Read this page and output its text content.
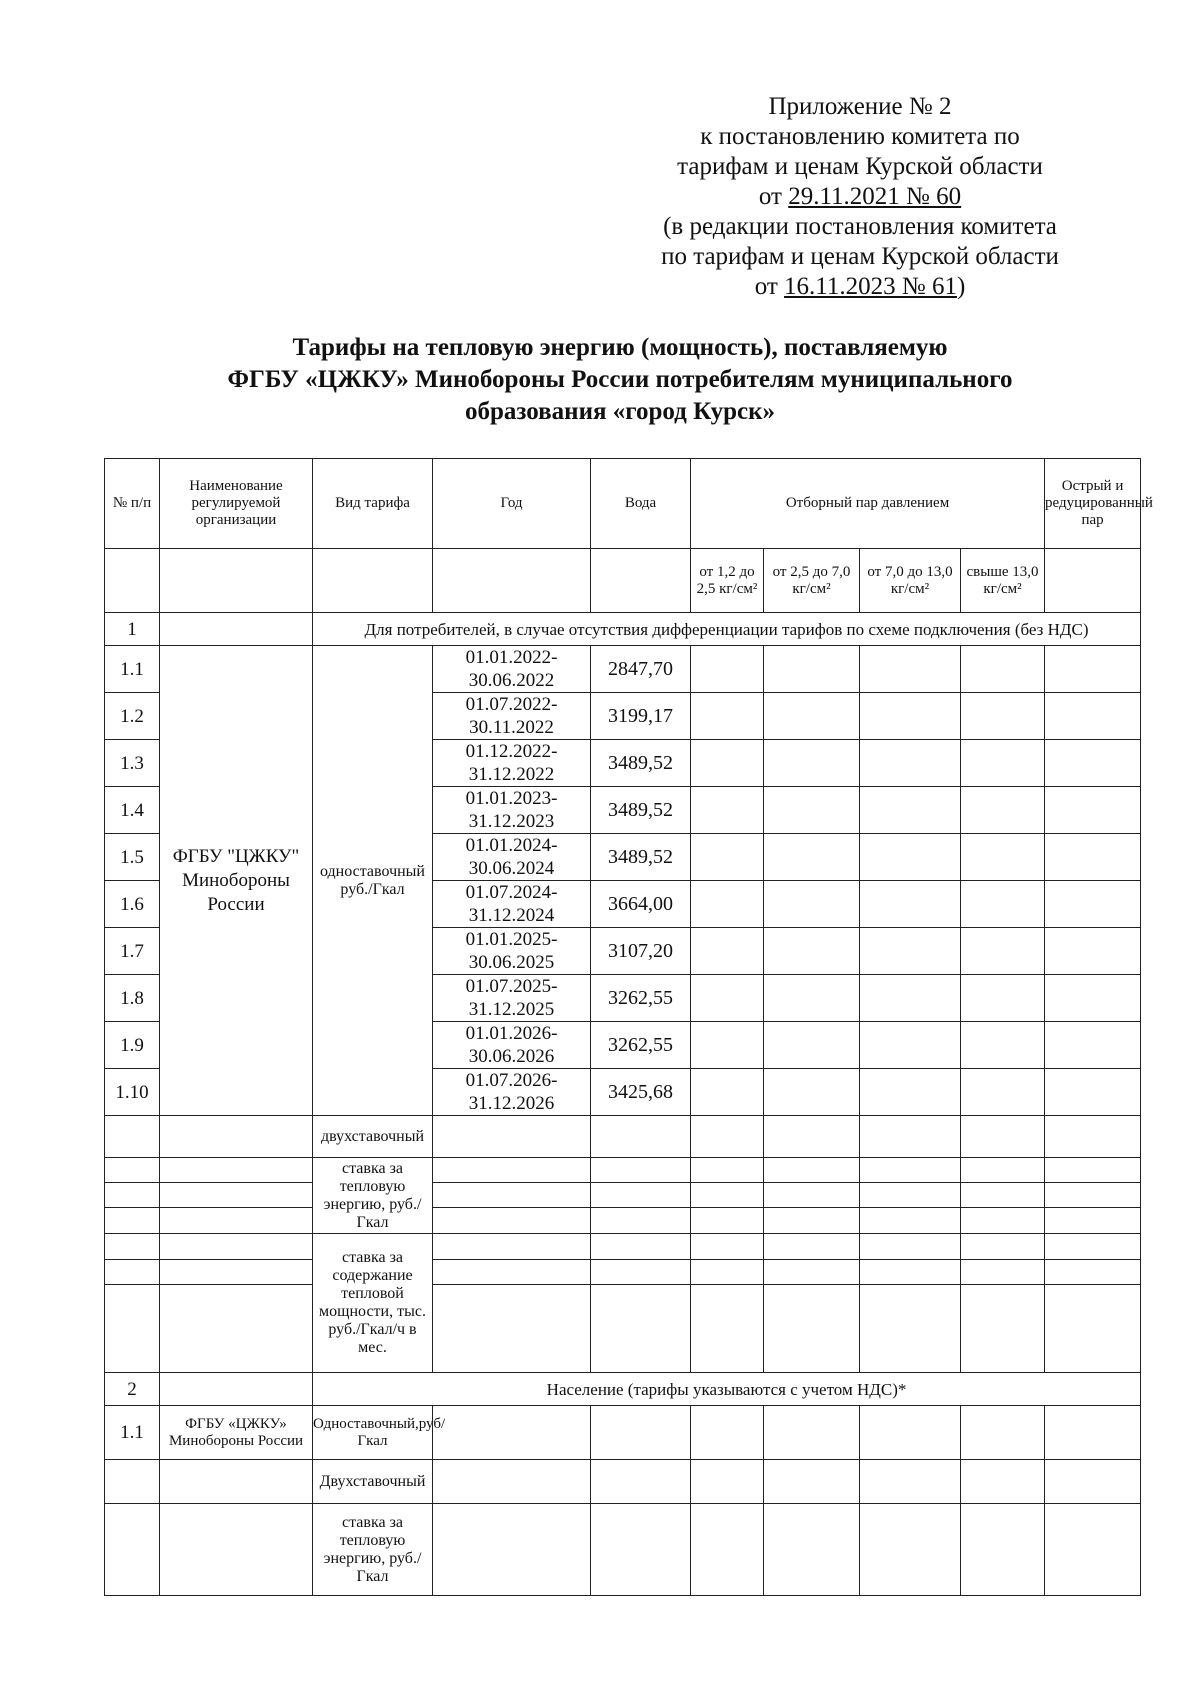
Приложение № 2
к постановлению комитета по
тарифам и ценам Курской области
от 29.11.2021 № 60
(в редакции постановления комитета
по тарифам и ценам Курской области
от 16.11.2023 № 61)
Тарифы на тепловую энергию (мощность), поставляемую
ФГБУ «ЦЖКУ» Минобороны России потребителям муниципального
образования «город Курск»
№ п/п	Наименование регулируемой организации	Вид тарифа	Год	Вода	Отборный пар давлением				Острый и редуцированный пар
					от 1,2 до 2,5 кг/см²	от 2,5 до 7,0 кг/см²	от 7,0 до 13,0 кг/см²	свыше 13,0 кг/см²	
1		Для потребителей, в случае отсутствия дифференциации тарифов по схеме подключения (без НДС)							
1.1	ФГБУ "ЦЖКУ" Минобороны России	одноставочный руб./Гкал	01.01.2022-30.06.2022	2847,70					
1.2			01.07.2022-30.11.2022	3199,17					
1.3			01.12.2022-31.12.2022	3489,52					
1.4			01.01.2023-31.12.2023	3489,52					
1.5			01.01.2024-30.06.2024	3489,52					
1.6			01.07.2024-31.12.2024	3664,00					
1.7			01.01.2025-30.06.2025	3107,20					
1.8			01.07.2025-31.12.2025	3262,55					
1.9			01.01.2026-30.06.2026	3262,55					
1.10			01.07.2026-31.12.2026	3425,68					
		двухставочный							
		ставка за тепловую энергию, руб./Гкал							

		ставка за содержание тепловой мощности, тыс. руб./Гкал/ч в мес.							

2		Население (тарифы указываются с учетом НДС)*							
1.1	ФГБУ «ЦЖКУ» Минобороны России	Одноставочный,руб/Гкал							
		Двухставочный							
		ставка за тепловую энергию, руб./Гкал							
